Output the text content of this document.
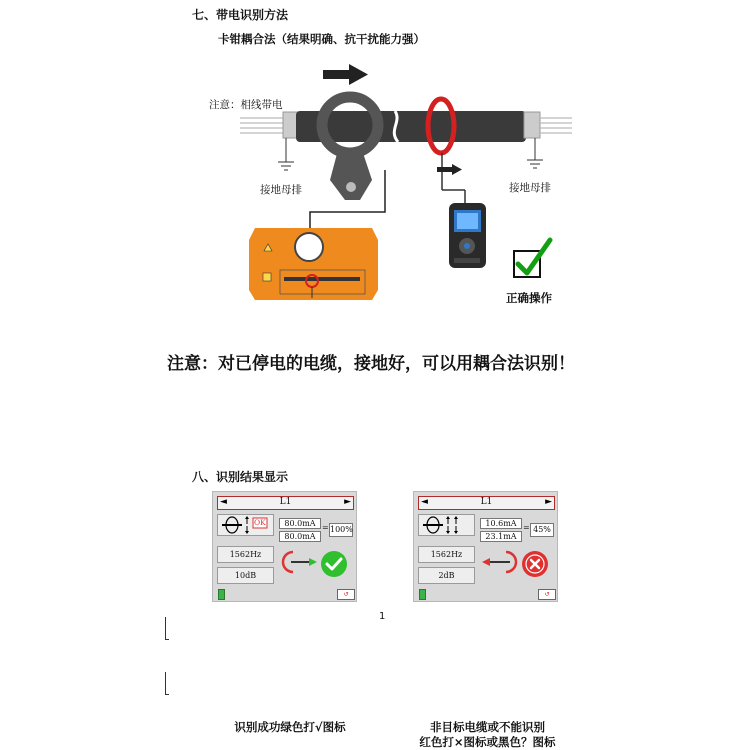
七、带电识别方法
卡钳耦合法（结果明确、抗干扰能力强）
注意：相线带电
接地母排	接地母排
正确操作
注意：对已停电的电缆，接地好，可以用耦合法识别！
八、识别结果显示
◄	L1	►
OK	80.0mA
80.0mA
= 100%
1562Hz
10dB
↺
◄	L1	►
10.6mA
23.1mA
= 45%
1562Hz
2dB
↺
1
识别成功绿色打√图标	非目标电缆或不能识别
红色打×图标或黑色？图标
